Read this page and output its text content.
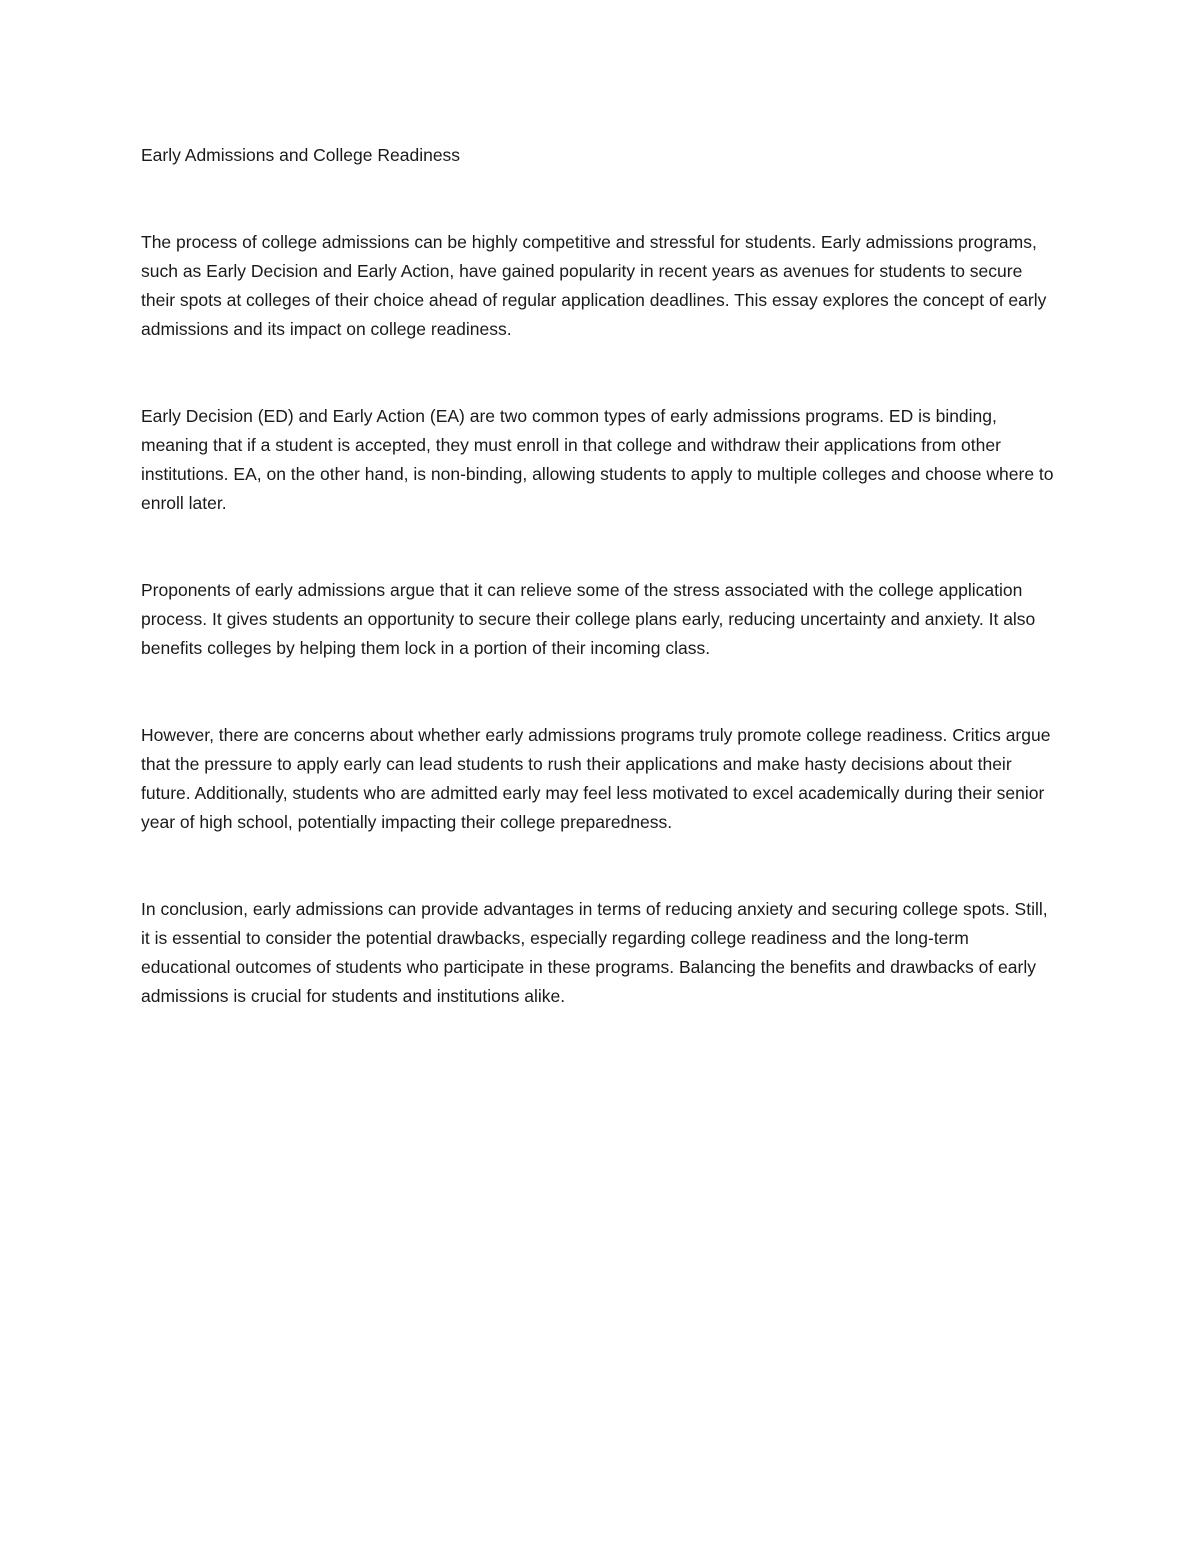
Early Admissions and College Readiness

The process of college admissions can be highly competitive and stressful for students. Early admissions programs, such as Early Decision and Early Action, have gained popularity in recent years as avenues for students to secure their spots at colleges of their choice ahead of regular application deadlines. This essay explores the concept of early admissions and its impact on college readiness.

Early Decision (ED) and Early Action (EA) are two common types of early admissions programs. ED is binding, meaning that if a student is accepted, they must enroll in that college and withdraw their applications from other institutions. EA, on the other hand, is non-binding, allowing students to apply to multiple colleges and choose where to enroll later.

Proponents of early admissions argue that it can relieve some of the stress associated with the college application process. It gives students an opportunity to secure their college plans early, reducing uncertainty and anxiety. It also benefits colleges by helping them lock in a portion of their incoming class.

However, there are concerns about whether early admissions programs truly promote college readiness. Critics argue that the pressure to apply early can lead students to rush their applications and make hasty decisions about their future. Additionally, students who are admitted early may feel less motivated to excel academically during their senior year of high school, potentially impacting their college preparedness.

In conclusion, early admissions can provide advantages in terms of reducing anxiety and securing college spots. Still, it is essential to consider the potential drawbacks, especially regarding college readiness and the long-term educational outcomes of students who participate in these programs. Balancing the benefits and drawbacks of early admissions is crucial for students and institutions alike.
